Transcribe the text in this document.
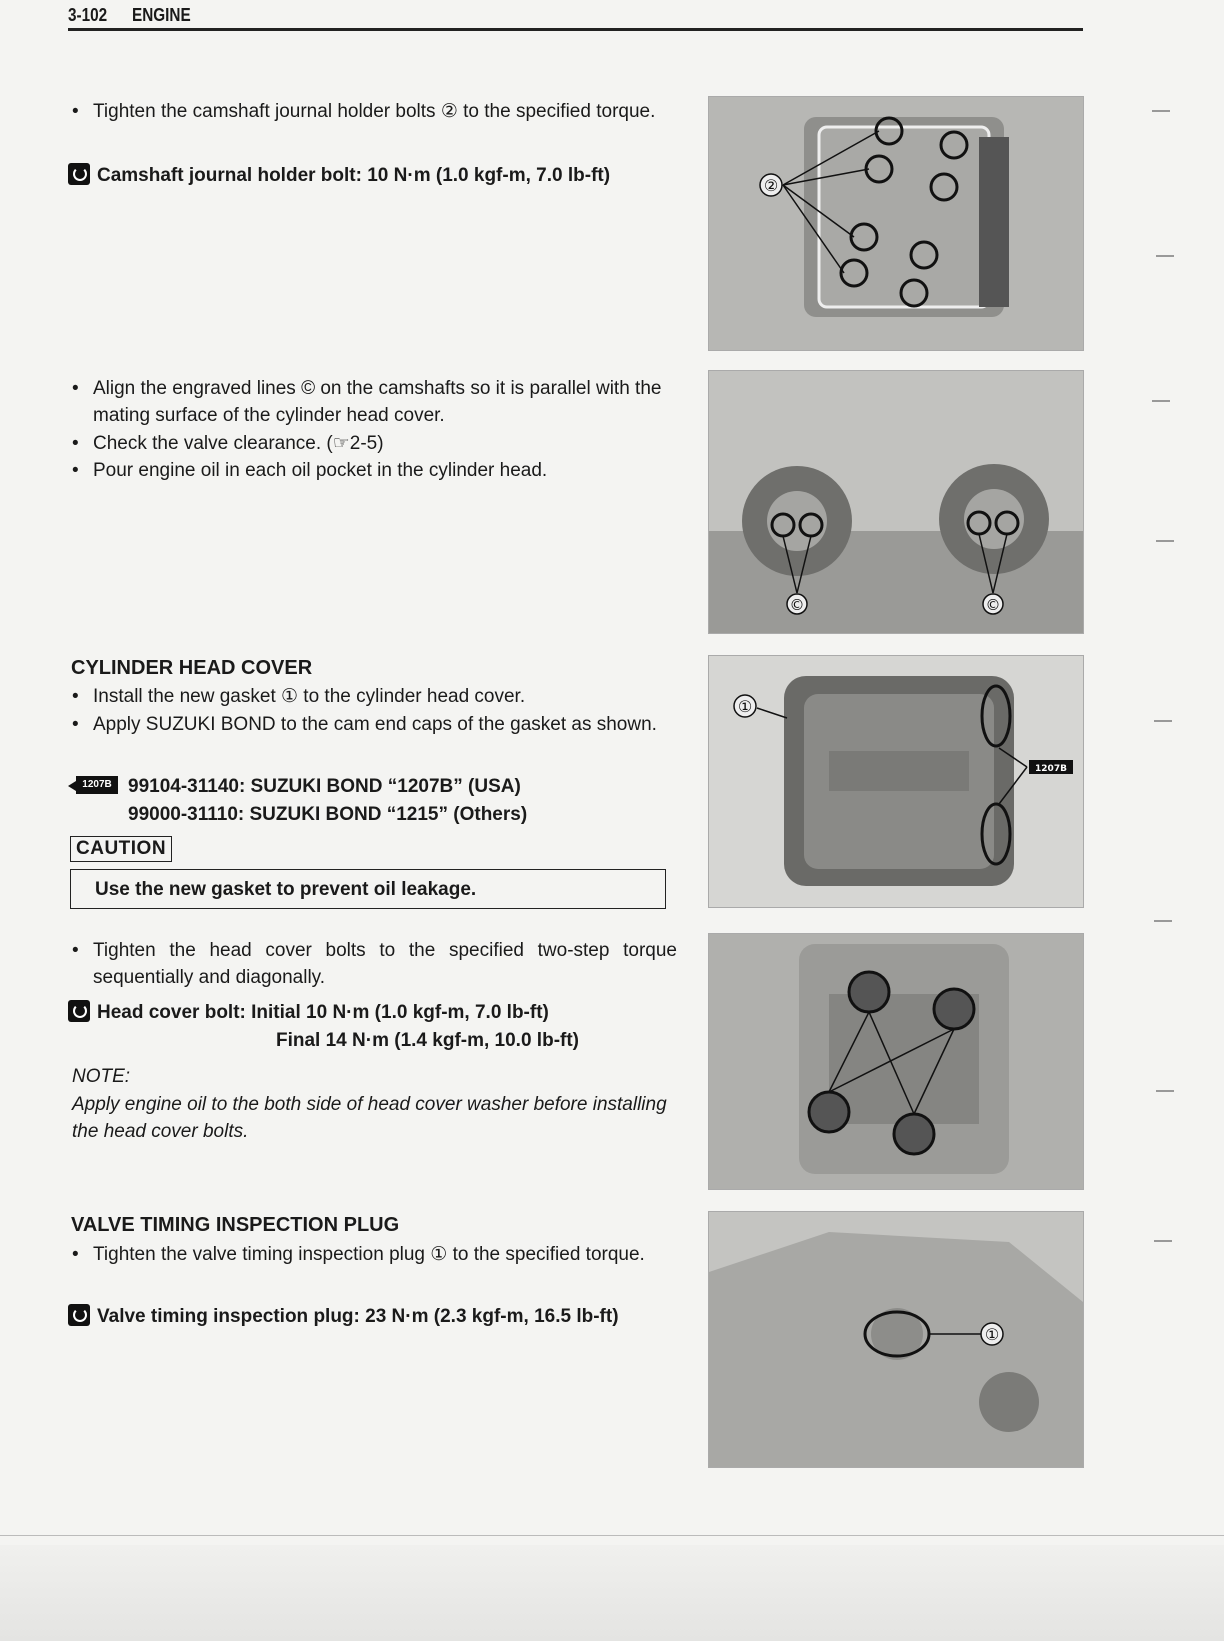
3-102 ENGINE
• Tighten the camshaft journal holder bolts ② to the specified torque.
Camshaft journal holder bolt: 10 N·m (1.0 kgf-m, 7.0 lb-ft)
• Align the engraved lines © on the camshafts so it is parallel with the mating surface of the cylinder head cover.
• Check the valve clearance. (☞2-5)
• Pour engine oil in each oil pocket in the cylinder head.
CYLINDER HEAD COVER
• Install the new gasket ① to the cylinder head cover.
• Apply SUZUKI BOND to the cam end caps of the gasket as shown.
1207B 99104-31140: SUZUKI BOND “1207B” (USA)
99000-31110: SUZUKI BOND “1215” (Others)
CAUTION
Use the new gasket to prevent oil leakage.
• Tighten the head cover bolts to the specified two-step torque sequentially and diagonally.
Head cover bolt: Initial 10 N·m (1.0 kgf-m, 7.0 lb-ft)
Final 14 N·m (1.4 kgf-m, 10.0 lb-ft)
NOTE:
Apply engine oil to the both side of head cover washer before installing the head cover bolts.
VALVE TIMING INSPECTION PLUG
• Tighten the valve timing inspection plug ① to the specified torque.
Valve timing inspection plug: 23 N·m (2.3 kgf-m, 16.5 lb-ft)
②
©	©
1207B
①
①
